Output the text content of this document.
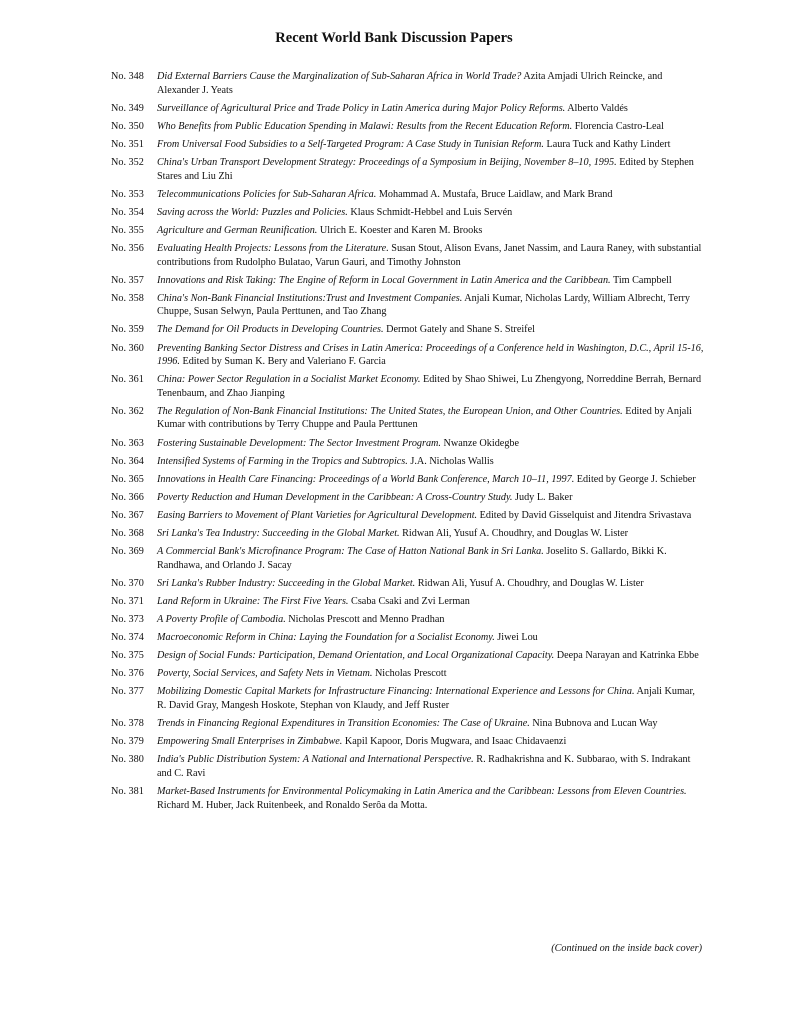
Recent World Bank Discussion Papers
No. 348	Did External Barriers Cause the Marginalization of Sub-Saharan Africa in World Trade? Azita Amjadi Ulrich Reincke, and Alexander J. Yeats
No. 349	Surveillance of Agricultural Price and Trade Policy in Latin America during Major Policy Reforms. Alberto Valdés
No. 350	Who Benefits from Public Education Spending in Malawi: Results from the Recent Education Reform. Florencia Castro-Leal
No. 351	From Universal Food Subsidies to a Self-Targeted Program: A Case Study in Tunisian Reform. Laura Tuck and Kathy Lindert
No. 352	China's Urban Transport Development Strategy: Proceedings of a Symposium in Beijing, November 8–10, 1995. Edited by Stephen Stares and Liu Zhi
No. 353	Telecommunications Policies for Sub-Saharan Africa. Mohammad A. Mustafa, Bruce Laidlaw, and Mark Brand
No. 354	Saving across the World: Puzzles and Policies. Klaus Schmidt-Hebbel and Luis Servén
No. 355	Agriculture and German Reunification. Ulrich E. Koester and Karen M. Brooks
No. 356	Evaluating Health Projects: Lessons from the Literature. Susan Stout, Alison Evans, Janet Nassim, and Laura Raney, with substantial contributions from Rudolpho Bulatao, Varun Gauri, and Timothy Johnston
No. 357	Innovations and Risk Taking: The Engine of Reform in Local Government in Latin America and the Caribbean. Tim Campbell
No. 358	China's Non-Bank Financial Institutions:Trust and Investment Companies. Anjali Kumar, Nicholas Lardy, William Albrecht, Terry Chuppe, Susan Selwyn, Paula Perttunen, and Tao Zhang
No. 359	The Demand for Oil Products in Developing Countries. Dermot Gately and Shane S. Streifel
No. 360	Preventing Banking Sector Distress and Crises in Latin America: Proceedings of a Conference held in Washington, D.C., April 15-16, 1996. Edited by Suman K. Bery and Valeriano F. Garcia
No. 361	China: Power Sector Regulation in a Socialist Market Economy. Edited by Shao Shiwei, Lu Zhengyong, Norreddine Berrah, Bernard Tenenbaum, and Zhao Jianping
No. 362	The Regulation of Non-Bank Financial Institutions: The United States, the European Union, and Other Countries. Edited by Anjali Kumar with contributions by Terry Chuppe and Paula Perttunen
No. 363	Fostering Sustainable Development: The Sector Investment Program. Nwanze Okidegbe
No. 364	Intensified Systems of Farming in the Tropics and Subtropics. J.A. Nicholas Wallis
No. 365	Innovations in Health Care Financing: Proceedings of a World Bank Conference, March 10–11, 1997. Edited by George J. Schieber
No. 366	Poverty Reduction and Human Development in the Caribbean: A Cross-Country Study. Judy L. Baker
No. 367	Easing Barriers to Movement of Plant Varieties for Agricultural Development. Edited by David Gisselquist and Jitendra Srivastava
No. 368	Sri Lanka's Tea Industry: Succeeding in the Global Market. Ridwan Ali, Yusuf A. Choudhry, and Douglas W. Lister
No. 369	A Commercial Bank's Microfinance Program: The Case of Hatton National Bank in Sri Lanka. Joselito S. Gallardo, Bikki K. Randhawa, and Orlando J. Sacay
No. 370	Sri Lanka's Rubber Industry: Succeeding in the Global Market. Ridwan Ali, Yusuf A. Choudhry, and Douglas W. Lister
No. 371	Land Reform in Ukraine: The First Five Years. Csaba Csaki and Zvi Lerman
No. 373	A Poverty Profile of Cambodia. Nicholas Prescott and Menno Pradhan
No. 374	Macroeconomic Reform in China: Laying the Foundation for a Socialist Economy. Jiwei Lou
No. 375	Design of Social Funds: Participation, Demand Orientation, and Local Organizational Capacity. Deepa Narayan and Katrinka Ebbe
No. 376	Poverty, Social Services, and Safety Nets in Vietnam. Nicholas Prescott
No. 377	Mobilizing Domestic Capital Markets for Infrastructure Financing: International Experience and Lessons for China. Anjali Kumar, R. David Gray, Mangesh Hoskote, Stephan von Klaudy, and Jeff Ruster
No. 378	Trends in Financing Regional Expenditures in Transition Economies: The Case of Ukraine. Nina Bubnova and Lucan Way
No. 379	Empowering Small Enterprises in Zimbabwe. Kapil Kapoor, Doris Mugwara, and Isaac Chidavaenzi
No. 380	India's Public Distribution System: A National and International Perspective. R. Radhakrishna and K. Subbarao, with S. Indrakant and C. Ravi
No. 381	Market-Based Instruments for Environmental Policymaking in Latin America and the Caribbean: Lessons from Eleven Countries. Richard M. Huber, Jack Ruitenbeek, and Ronaldo Serôa da Motta.
(Continued on the inside back cover)
